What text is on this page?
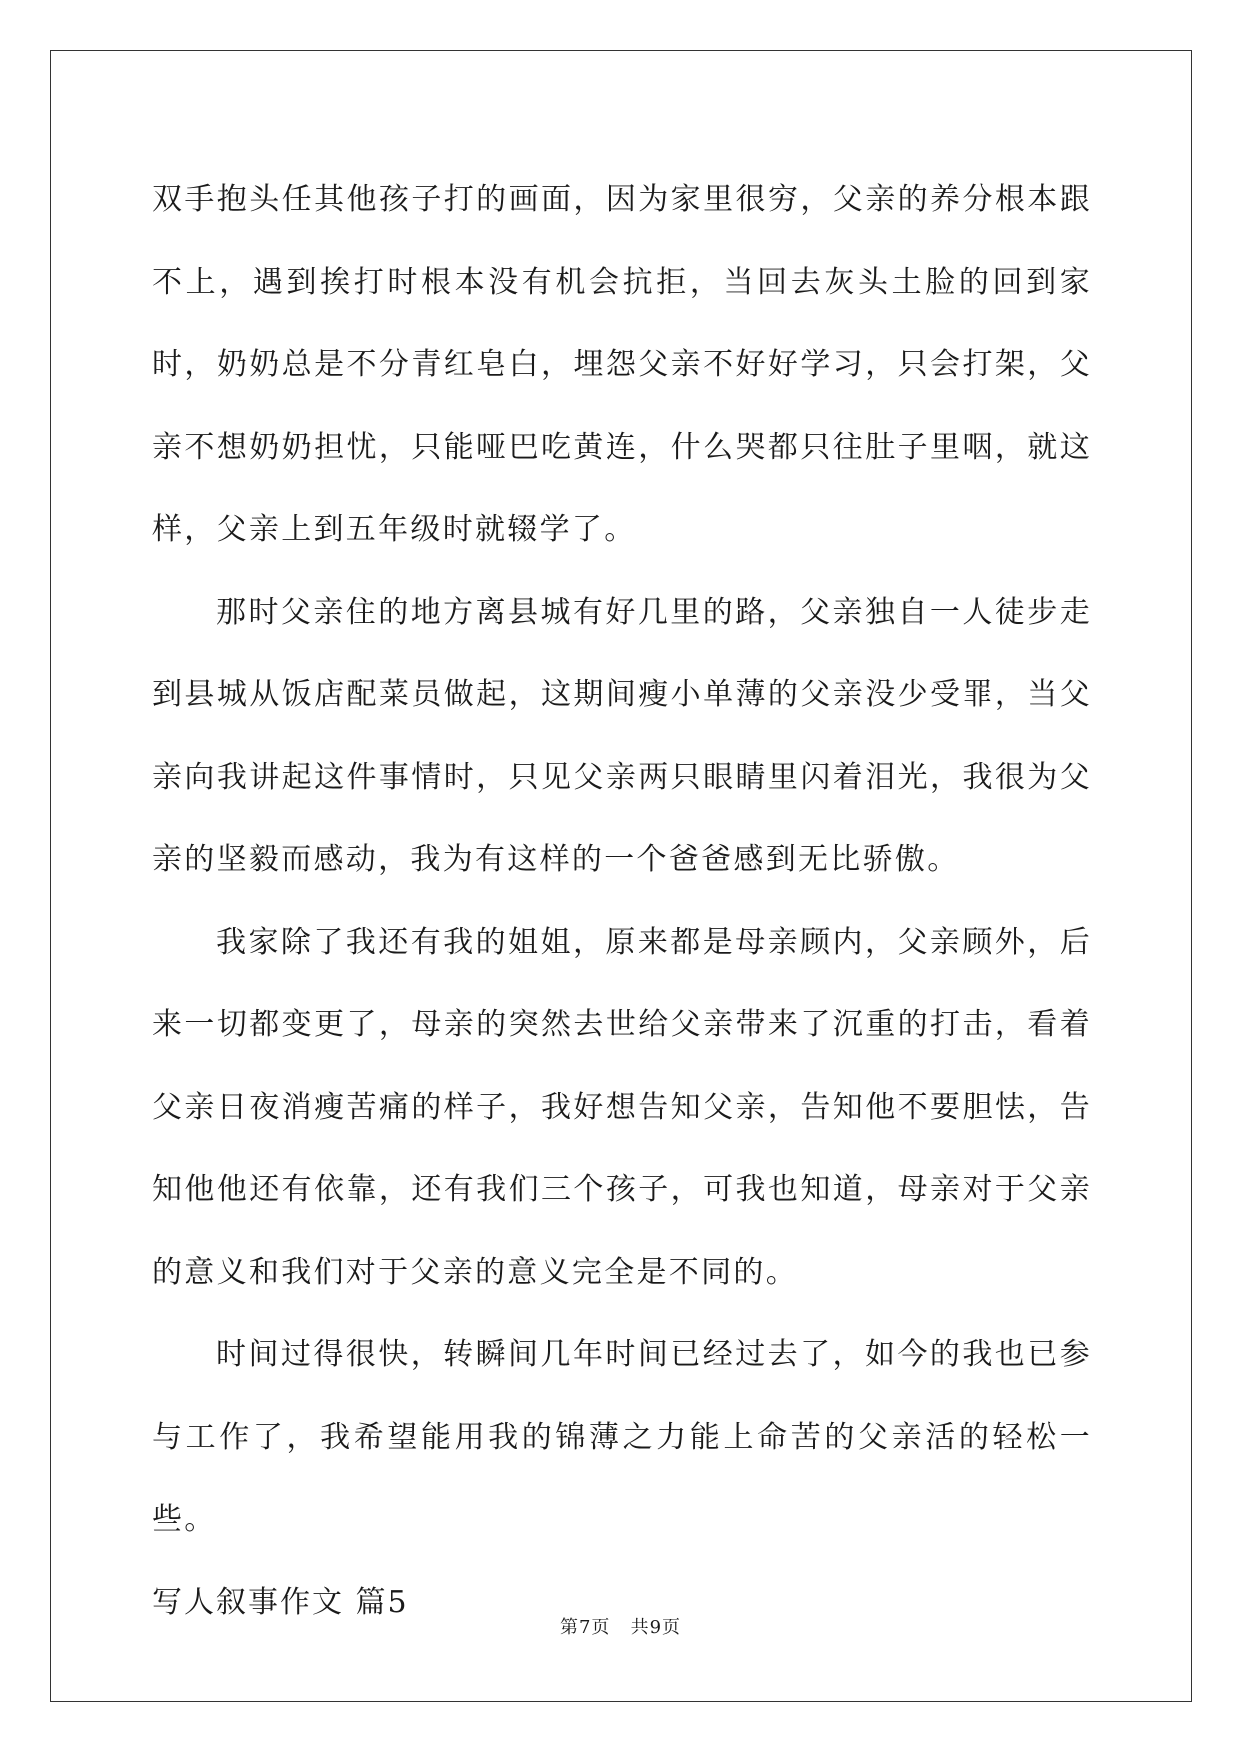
双手抱头任其他孩子打的画面，因为家里很穷，父亲的养分根本跟不上，遇到挨打时根本没有机会抗拒，当回去灰头土脸的回到家时，奶奶总是不分青红皂白，埋怨父亲不好好学习，只会打架，父亲不想奶奶担忧，只能哑巴吃黄连，什么哭都只往肚子里咽，就这样，父亲上到五年级时就辍学了。

那时父亲住的地方离县城有好几里的路，父亲独自一人徒步走到县城从饭店配菜员做起，这期间瘦小单薄的父亲没少受罪，当父亲向我讲起这件事情时，只见父亲两只眼睛里闪着泪光，我很为父亲的坚毅而感动，我为有这样的一个爸爸感到无比骄傲。

我家除了我还有我的姐姐，原来都是母亲顾内，父亲顾外，后来一切都变更了，母亲的突然去世给父亲带来了沉重的打击，看着父亲日夜消瘦苦痛的样子，我好想告知父亲，告知他不要胆怯，告知他他还有依靠，还有我们三个孩子，可我也知道，母亲对于父亲的意义和我们对于父亲的意义完全是不同的。

时间过得很快，转瞬间几年时间已经过去了，如今的我也已参与工作了，我希望能用我的锦薄之力能上命苦的父亲活的轻松一些。

写人叙事作文 篇5

第7页 共9页
